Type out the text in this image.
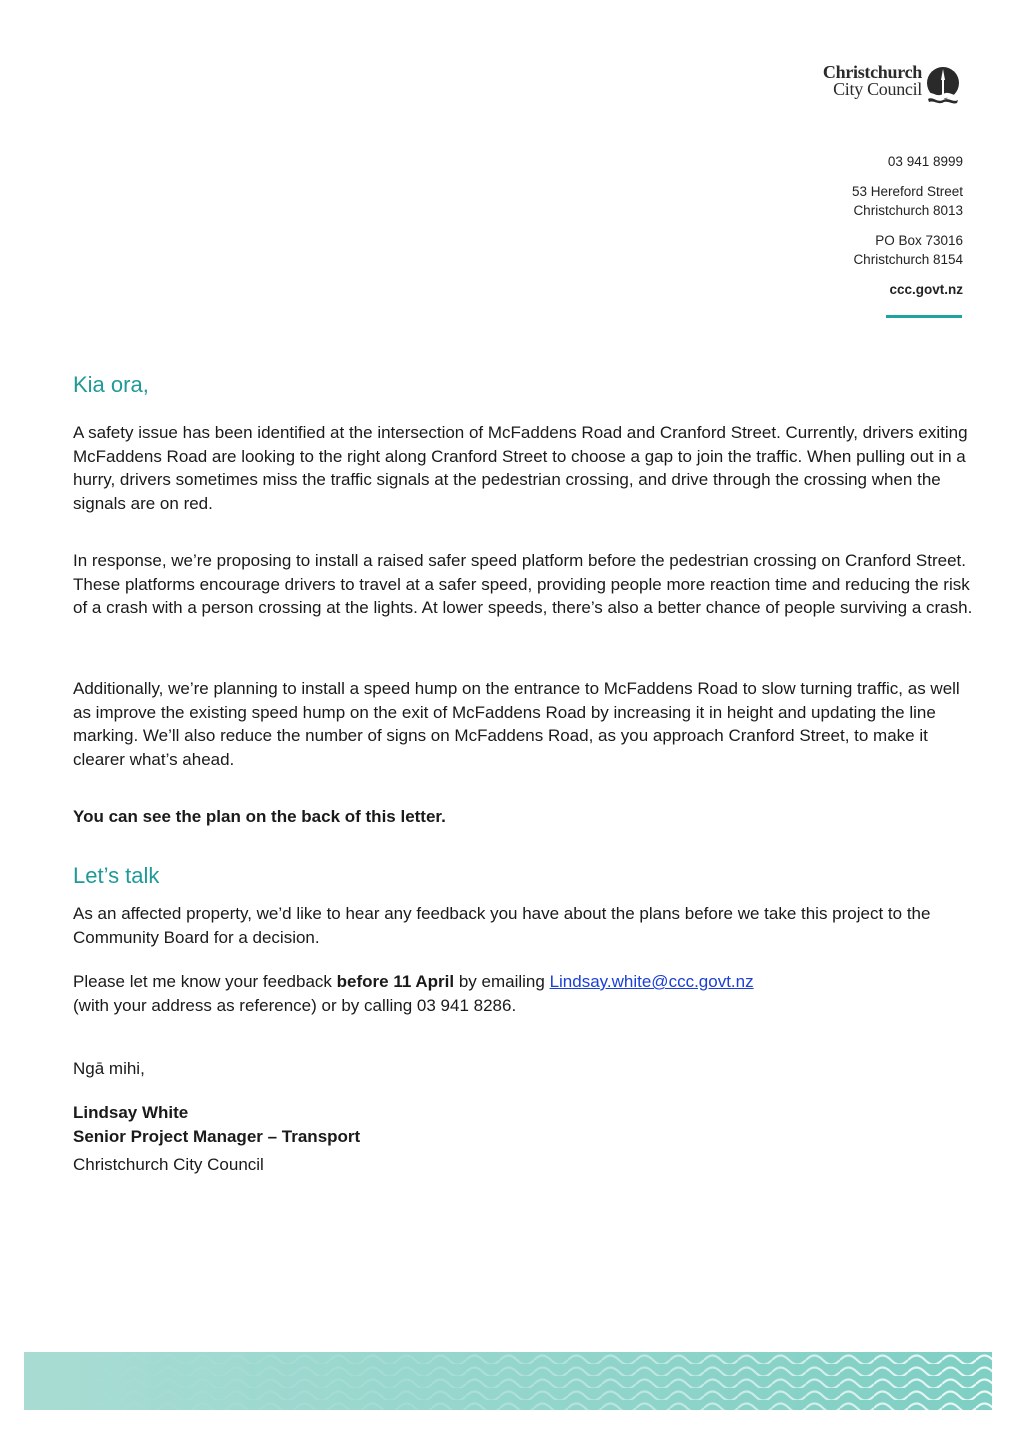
Christchurch
City Council
03 941 8999
53 Hereford Street
Christchurch 8013
PO Box 73016
Christchurch 8154
ccc.govt.nz
Kia ora,

A safety issue has been identified at the intersection of McFaddens Road and Cranford Street. Currently, drivers exiting McFaddens Road are looking to the right along Cranford Street to choose a gap to join the traffic. When pulling out in a hurry, drivers sometimes miss the traffic signals at the pedestrian crossing, and drive through the crossing when the signals are on red.

In response, we’re proposing to install a raised safer speed platform before the pedestrian crossing on Cranford Street. These platforms encourage drivers to travel at a safer speed, providing people more reaction time and reducing the risk of a crash with a person crossing at the lights. At lower speeds, there’s also a better chance of people surviving a crash.

Additionally, we’re planning to install a speed hump on the entrance to McFaddens Road to slow turning traffic, as well as improve the existing speed hump on the exit of McFaddens Road by increasing it in height and updating the line marking. We’ll also reduce the number of signs on McFaddens Road, as you approach Cranford Street, to make it clearer what’s ahead.

You can see the plan on the back of this letter.

Let’s talk

As an affected property, we’d like to hear any feedback you have about the plans before we take this project to the Community Board for a decision.

Please let me know your feedback before 11 April by emailing Lindsay.white@ccc.govt.nz
(with your address as reference) or by calling 03 941 8286.

Ngā mihi,

Lindsay White

Senior Project Manager – Transport

Christchurch City Council
